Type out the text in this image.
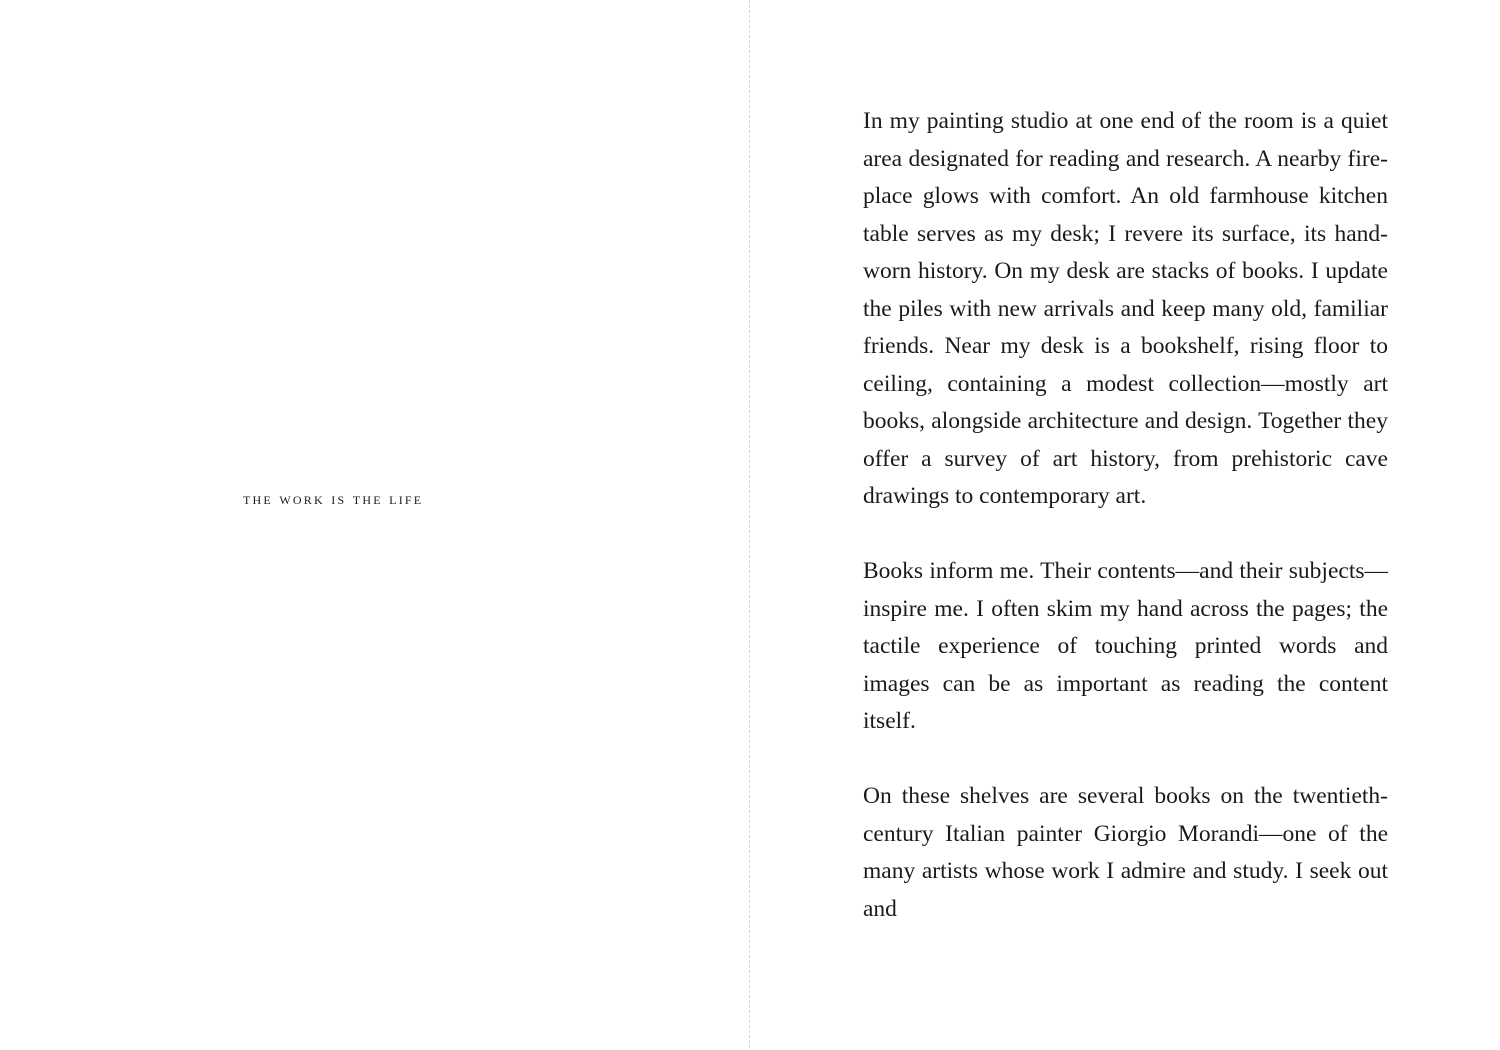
the work is the life

In my painting studio at one end of the room is a quiet area designated for reading and research. A nearby fireplace glows with comfort. An old farmhouse kitchen table serves as my desk; I revere its surface, its handworn history. On my desk are stacks of books. I update the piles with new arrivals and keep many old, familiar friends. Near my desk is a bookshelf, rising floor to ceiling, containing a modest collection—mostly art books, alongside architecture and design. Together they offer a survey of art history, from prehistoric cave drawings to contemporary art.

Books inform me. Their contents—and their subjects—inspire me. I often skim my hand across the pages; the tactile experience of touching printed words and images can be as important as reading the content itself.

On these shelves are several books on the twentieth-century Italian painter Giorgio Morandi—one of the many artists whose work I admire and study. I seek out and
